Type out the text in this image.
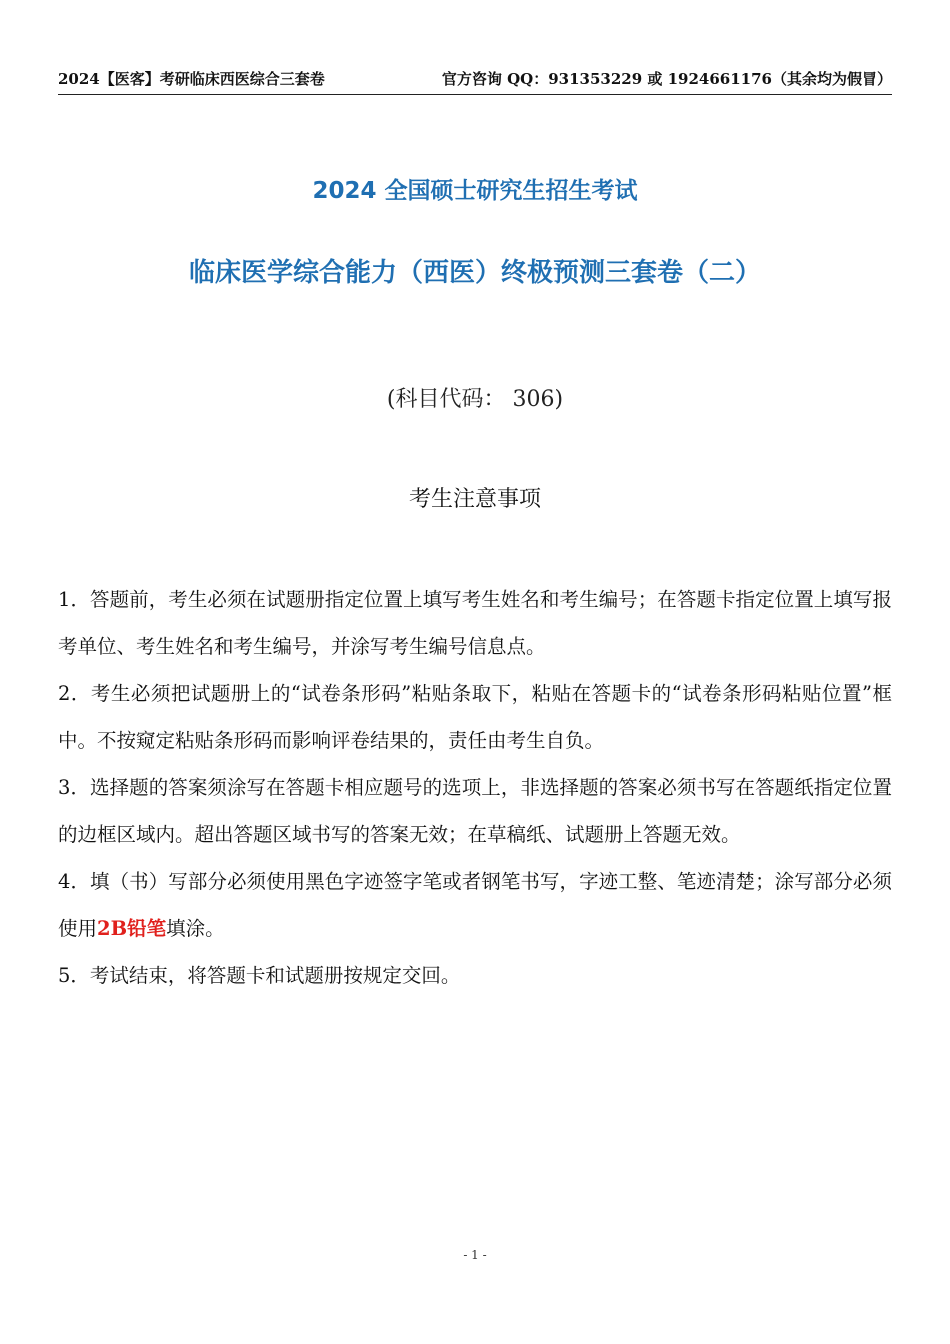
2024【医客】考研临床西医综合三套卷	官方咨询 QQ：931353229 或 1924661176（其余均为假冒）
2024 全国硕士研究生招生考试
临床医学综合能力（西医）终极预测三套卷（二）
(科目代码： 306)
考生注意事项

1．答题前，考生必须在试题册指定位置上填写考生姓名和考生编号；在答题卡指定位置上填写报考单位、考生姓名和考生编号，并涂写考生编号信息点。

2．考生必须把试题册上的“试卷条形码”粘贴条取下，粘贴在答题卡的“试卷条形码粘贴位置”框中。不按窥定粘贴条形码而影响评卷结果的，责任由考生自负。

3．选择题的答案须涂写在答题卡相应题号的选项上，非选择题的答案必须书写在答题纸指定位置的边框区域内。超出答题区域书写的答案无效；在草稿纸、试题册上答题无效。

4．填（书）写部分必须使用黑色字迹签字笔或者钢笔书写，字迹工整、笔迹清楚；涂写部分必须使用2B铅笔填涂。

5．考试结束，将答题卡和试题册按规定交回。

- 1 -
